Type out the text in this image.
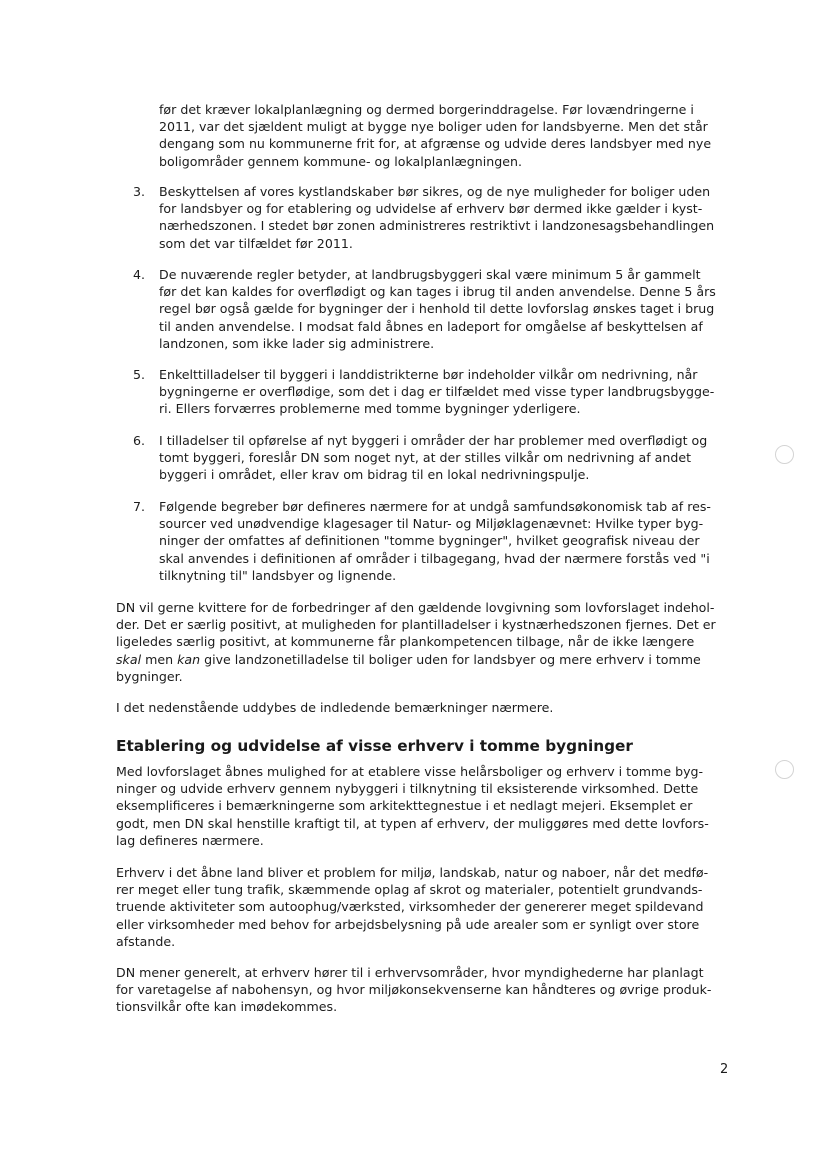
før det kræver lokalplanlægning og dermed borgerinddragelse. Før lovændringerne i
2011, var det sjældent muligt at bygge nye boliger uden for landsbyerne. Men det står
dengang som nu kommunerne frit for, at afgrænse og udvide deres landsbyer med nye
boligområder gennem kommune- og lokalplanlægningen.

3.	Beskyttelsen af vores kystlandskaber bør sikres, og de nye muligheder for boliger uden
for landsbyer og for etablering og udvidelse af erhverv bør dermed ikke gælder i kyst-
nærhedszonen. I stedet bør zonen administreres restriktivt i landzonesagsbehandlingen
som det var tilfældet før 2011.

4.	De nuværende regler betyder, at landbrugsbyggeri skal være minimum 5 år gammelt
før det kan kaldes for overflødigt og kan tages i ibrug til anden anvendelse. Denne 5 års
regel bør også gælde for bygninger der i henhold til dette lovforslag ønskes taget i brug
til anden anvendelse. I modsat fald åbnes en ladeport for omgåelse af beskyttelsen af
landzonen, som ikke lader sig administrere.

5.	Enkelttilladelser til byggeri i landdistrikterne bør indeholder vilkår om nedrivning, når
bygningerne er overflødige, som det i dag er tilfældet med visse typer landbrugsbygge-
ri. Ellers forværres problemerne med tomme bygninger yderligere.

6.	I tilladelser til opførelse af nyt byggeri i områder der har problemer med overflødigt og
tomt byggeri, foreslår DN som noget nyt, at der stilles vilkår om nedrivning af andet
byggeri i området, eller krav om bidrag til en lokal nedrivningspulje.

7.	Følgende begreber bør defineres nærmere for at undgå samfundsøkonomisk tab af res-
sourcer ved unødvendige klagesager til Natur- og Miljøklagenævnet: Hvilke typer byg-
ninger der omfattes af definitionen "tomme bygninger", hvilket geografisk niveau der
skal anvendes i definitionen af områder i tilbagegang, hvad der nærmere forstås ved "i
tilknytning til" landsbyer og lignende.

DN vil gerne kvittere for de forbedringer af den gældende lovgivning som lovforslaget indehol-
der. Det er særlig positivt, at muligheden for plantilladelser i kystnærhedszonen fjernes. Det er
ligeledes særlig positivt, at kommunerne får plankompetencen tilbage, når de ikke længere
skal men kan give landzonetilladelse til boliger uden for landsbyer og mere erhverv i tomme
bygninger.

I det nedenstående uddybes de indledende bemærkninger nærmere.

Etablering og udvidelse af visse erhverv i tomme bygninger

Med lovforslaget åbnes mulighed for at etablere visse helårsboliger og erhverv i tomme byg-
ninger og udvide erhverv gennem nybyggeri i tilknytning til eksisterende virksomhed. Dette
eksemplificeres i bemærkningerne som arkitekttegnestue i et nedlagt mejeri. Eksemplet er
godt, men DN skal henstille kraftigt til, at typen af erhverv, der muliggøres med dette lovfors-
lag defineres nærmere.

Erhverv i det åbne land bliver et problem for miljø, landskab, natur og naboer, når det medfø-
rer meget eller tung trafik, skæmmende oplag af skrot og materialer, potentielt grundvands-
truende aktiviteter som autoophug/værksted, virksomheder der genererer meget spildevand
eller virksomheder med behov for arbejdsbelysning på ude arealer som er synligt over store
afstande.

DN mener generelt, at erhverv hører til i erhvervsområder, hvor myndighederne har planlagt
for varetagelse af nabohensyn, og hvor miljøkonsekvenserne kan håndteres og øvrige produk-
tionsvilkår ofte kan imødekommes.

2
